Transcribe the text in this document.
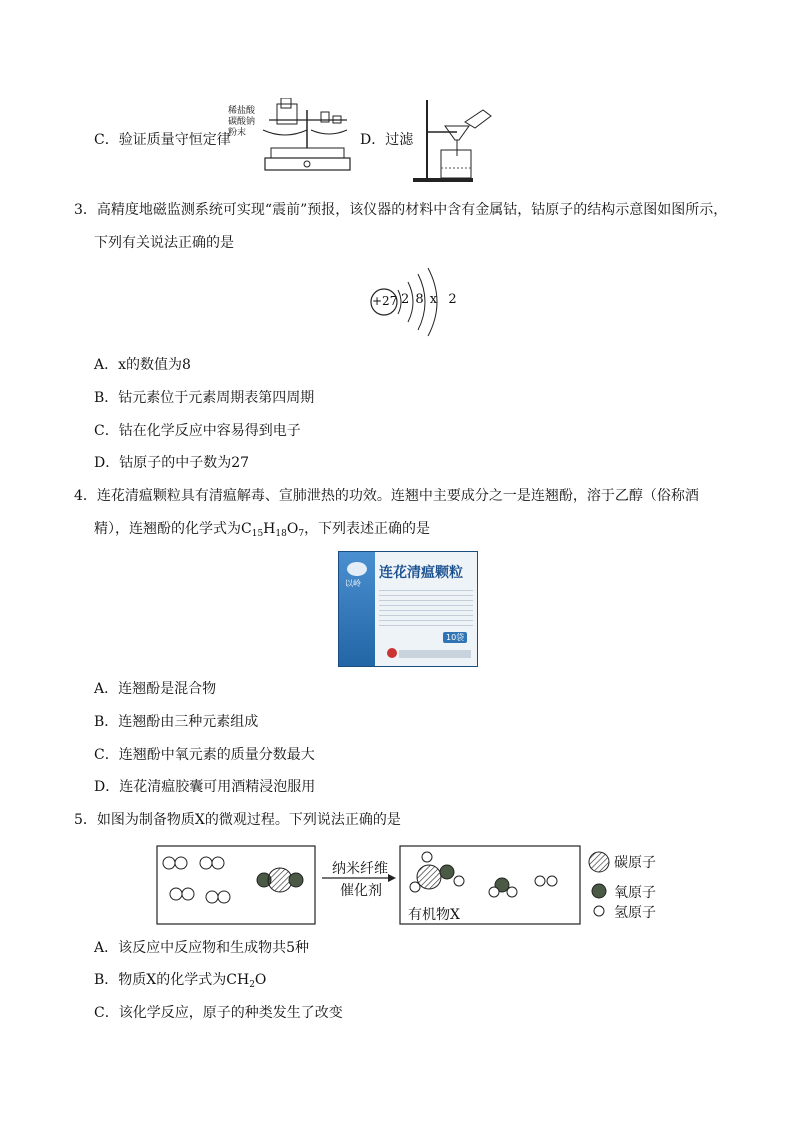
C．验证质量守恒定律
稀盐酸
碳酸钠
粉末	D．过滤
3．高精度地磁监测系统可实现“震前”预报，该仪器的材料中含有金属钴，钴原子的结构示意图如图所示，
下列有关说法正确的是
+27 2 8 x  2
A．x的数值为8
B．钴元素位于元素周期表第四周期
C．钴在化学反应中容易得到电子
D．钴原子的中子数为27
4．连花清瘟颗粒具有清瘟解毒、宣肺泄热的功效。连翘中主要成分之一是连翘酚，溶于乙醇（俗称酒
精），连翘酚的化学式为$C_{15}H_{18}O_7$，下列表述正确的是
以岭
连花清瘟颗粒
10袋
A．连翘酚是混合物
B．连翘酚由三种元素组成
C．连翘酚中氧元素的质量分数最大
D．连花清瘟胶囊可用酒精浸泡服用
5．如图为制备物质X的微观过程。下列说法正确的是
纳米纤维
催化剂
有机物X
碳原子
氧原子
氢原子
A．该反应中反应物和生成物共5种
B．物质X的化学式为$CH_2O$
C．该化学反应，原子的种类发生了改变
